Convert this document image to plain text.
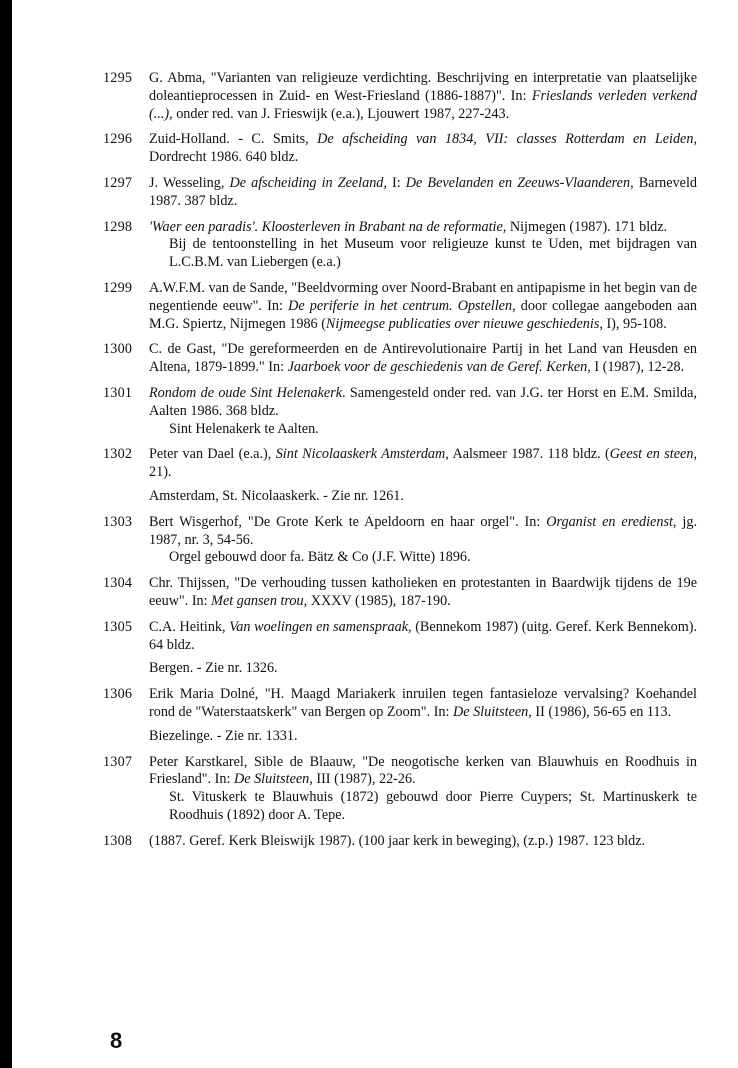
1295	G. Abma, "Varianten van religieuze verdichting. Beschrijving en interpretatie van plaatselijke doleantieprocessen in Zuid- en West-Friesland (1886-1887)". In: Frieslands verleden verkend (...), onder red. van J. Frieswijk (e.a.), Ljouwert 1987, 227-243.

1296	Zuid-Holland. - C. Smits, De afscheiding van 1834, VII: classes Rotterdam en Leiden, Dordrecht 1986. 640 bldz.

1297	J. Wesseling, De afscheiding in Zeeland, I: De Bevelanden en Zeeuws-Vlaanderen, Barneveld 1987. 387 bldz.

1298	'Waer een paradis'. Kloosterleven in Brabant na de reformatie, Nijmegen (1987). 171 bldz.

Bij de tentoonstelling in het Museum voor religieuze kunst te Uden, met bijdragen van L.C.B.M. van Liebergen (e.a.)

1299	A.W.F.M. van de Sande, "Beeldvorming over Noord-Brabant en antipapisme in het begin van de negentiende eeuw". In: De periferie in het centrum. Opstellen, door collegae aangeboden aan M.G. Spiertz, Nijmegen 1986 (Nijmeegse publicaties over nieuwe geschiedenis, I), 95-108.

1300	C. de Gast, "De gereformeerden en de Antirevolutionaire Partij in het Land van Heusden en Altena, 1879-1899." In: Jaarboek voor de geschiedenis van de Geref. Kerken, I (1987), 12-28.

1301	Rondom de oude Sint Helenakerk. Samengesteld onder red. van J.G. ter Horst en E.M. Smilda, Aalten 1986. 368 bldz.

Sint Helenakerk te Aalten.

1302	Peter van Dael (e.a.), Sint Nicolaaskerk Amsterdam, Aalsmeer 1987. 118 bldz. (Geest en steen, 21).

Amsterdam, St. Nicolaaskerk. - Zie nr. 1261.

1303	Bert Wisgerhof, "De Grote Kerk te Apeldoorn en haar orgel". In: Organist en eredienst, jg. 1987, nr. 3, 54-56.

Orgel gebouwd door fa. Bätz & Co (J.F. Witte) 1896.

1304	Chr. Thijssen, "De verhouding tussen katholieken en protestanten in Baardwijk tijdens de 19e eeuw". In: Met gansen trou, XXXV (1985), 187-190.

1305	C.A. Heitink, Van woelingen en samenspraak, (Bennekom 1987) (uitg. Geref. Kerk Bennekom). 64 bldz.

Bergen. - Zie nr. 1326.

1306	Erik Maria Dolné, "H. Maagd Mariakerk inruilen tegen fantasieloze vervalsing? Koehandel rond de "Waterstaatskerk" van Bergen op Zoom". In: De Sluitsteen, II (1986), 56-65 en 113.

Biezelinge. - Zie nr. 1331.

1307	Peter Karstkarel, Sible de Blaauw, "De neogotische kerken van Blauwhuis en Roodhuis in Friesland". In: De Sluitsteen, III (1987), 22-26.

St. Vituskerk te Blauwhuis (1872) gebouwd door Pierre Cuypers; St. Martinuskerk te Roodhuis (1892) door A. Tepe.

1308	(1887. Geref. Kerk Bleiswijk 1987). (100 jaar kerk in beweging), (z.p.) 1987. 123 bldz.

8
